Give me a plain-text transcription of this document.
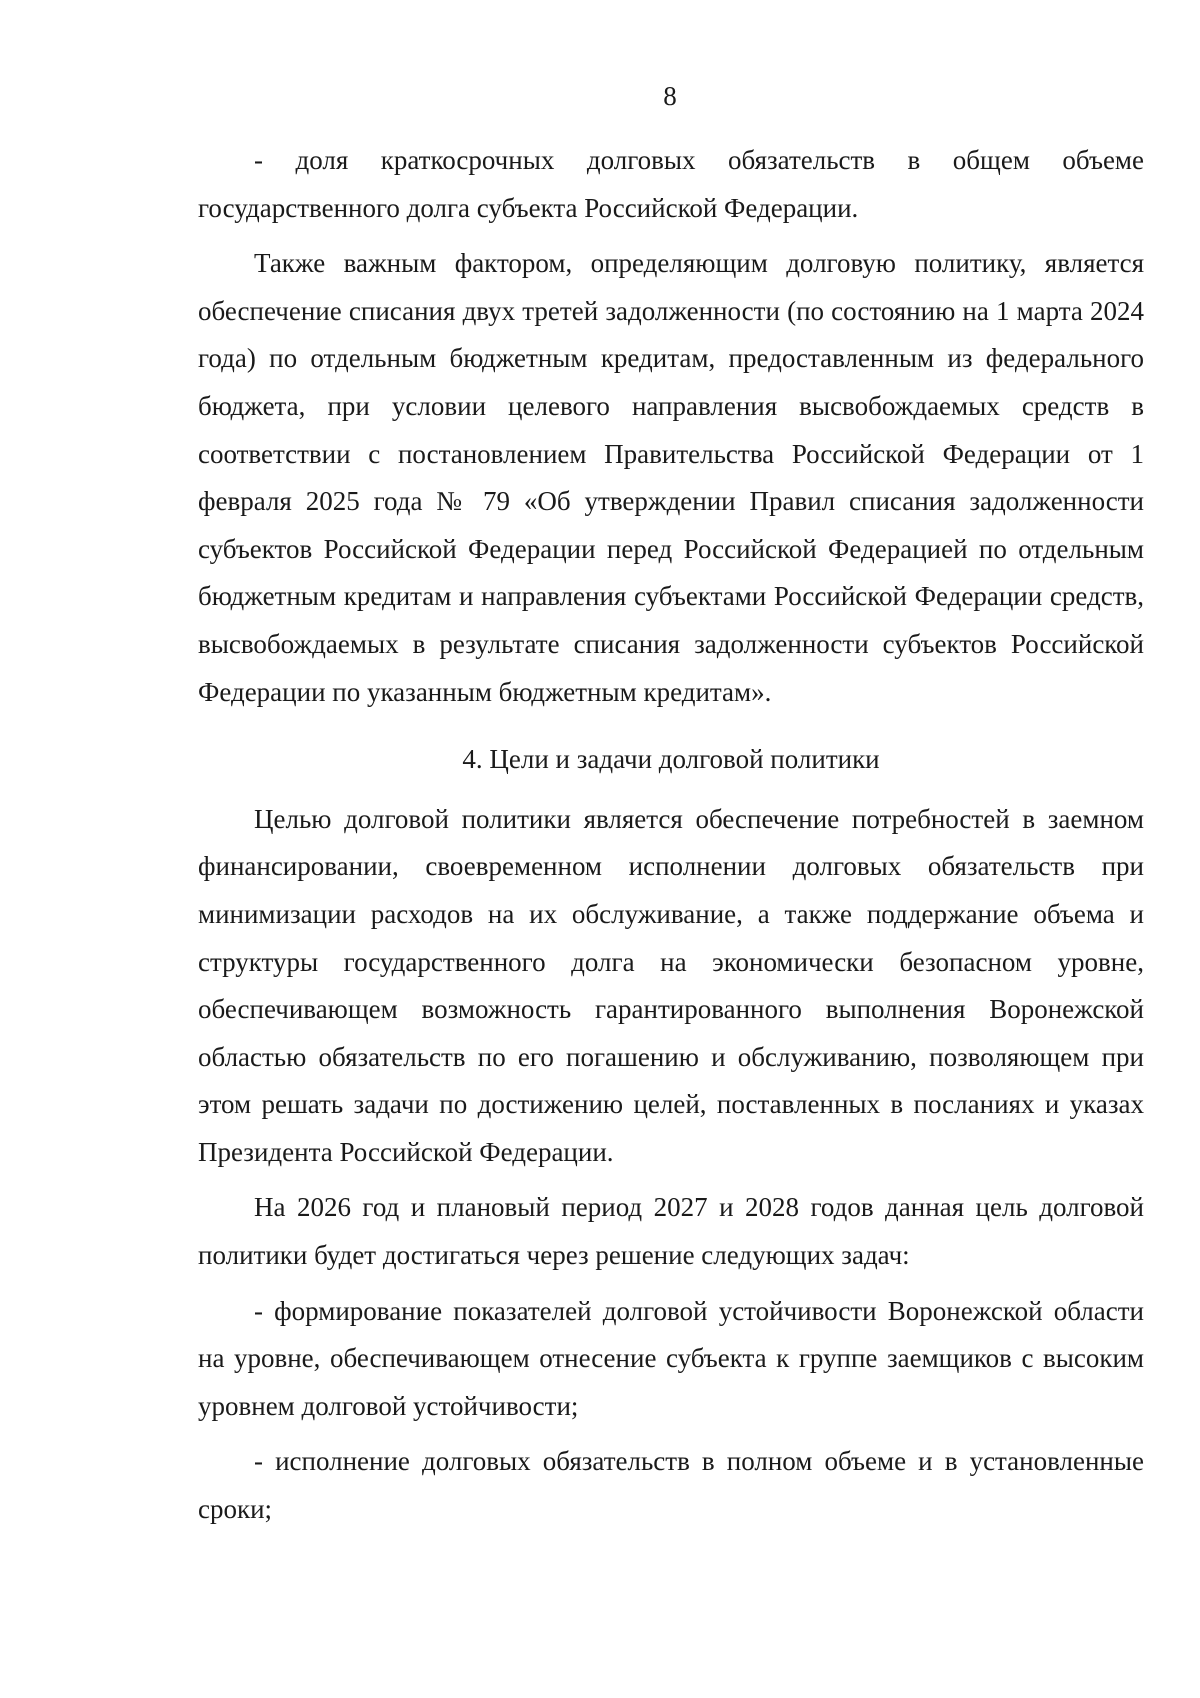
8

- доля краткосрочных долговых обязательств в общем объеме государственного долга субъекта Российской Федерации.

Также важным фактором, определяющим долговую политику, является обеспечение списания двух третей задолженности (по состоянию на 1 марта 2024 года) по отдельным бюджетным кредитам, предоставленным из федерального бюджета, при условии целевого направления высвобождаемых средств в соответствии с постановлением Правительства Российской Федерации от 1 февраля 2025 года № 79 «Об утверждении Правил списания задолженности субъектов Российской Федерации перед Российской Федерацией по отдельным бюджетным кредитам и направления субъектами Российской Федерации средств, высвобождаемых в результате списания задолженности субъектов Российской Федерации по указанным бюджетным кредитам».

4. Цели и задачи долговой политики

Целью долговой политики является обеспечение потребностей в заемном финансировании, своевременном исполнении долговых обязательств при минимизации расходов на их обслуживание, а также поддержание объема и структуры государственного долга на экономически безопасном уровне, обеспечивающем возможность гарантированного выполнения Воронежской областью обязательств по его погашению и обслуживанию, позволяющем при этом решать задачи по достижению целей, поставленных в посланиях и указах Президента Российской Федерации.

На 2026 год и плановый период 2027 и 2028 годов данная цель долговой политики будет достигаться через решение следующих задач:

- формирование показателей долговой устойчивости Воронежской области на уровне, обеспечивающем отнесение субъекта к группе заемщиков с высоким уровнем долговой устойчивости;

- исполнение долговых обязательств в полном объеме и в установленные сроки;
